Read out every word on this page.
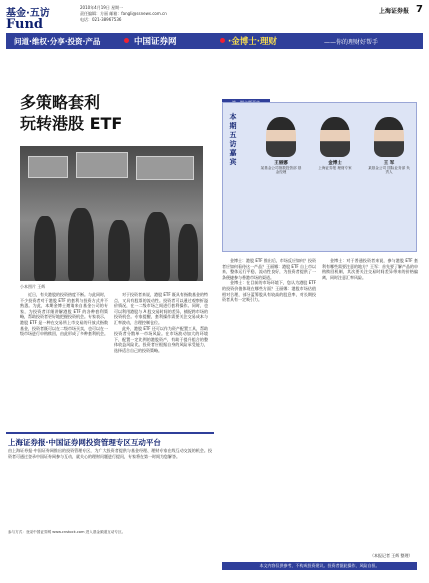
基金·五访
Fund
2010年4月19日 星期一
责任编辑：方丽 邮箱：fangli@ssnews.com.cn
电话：021-38967536
上海证券报 7
问道·维权·分享·投资·产品	中国证券网	·金博士·理财	——你的理财好帮手
多策略套利
玩转港股 ETF
小本图片 王辉

近日，有关港股的投资热度不断。与此同时，不少投资者对于港股 ETF 的套利与投资方式并不熟悉。为此，本期金博士邀请来自基金公司的专家，为投资者详细讲解港股 ETF 的各种套利策略，帮助投资者更好地把握投资机会。专家表示，港股 ETF 是一种在交易所上市交易的开放式指数基金，投资者既可以在二级市场买卖，也可以在一级市场进行申购赎回，由此形成了多种套利机会。

对于投资者来说，港股 ETF 既具有指数基金的特点，又具有股票的流动性。投资者可以通过观察折溢价情况，在一二级市场之间进行套利操作。同时，也可以利用港股与 A 股交易时间的差异，捕捉跨市场的投资机会。专家提醒，套利操作需要关注交易成本与汇率波动，合理控制仓位。

此外，港股 ETF 还可以作为资产配置工具，帮助投资者分散单一市场风险。在市场波动加大的环境下，配置一定比例的港股资产，有助于提升组合的整体收益风险比。投资者应根据自身的风险承受能力，选择适合自己的投资策略。

本期五访嘉宾	王丽娜
某基金公司指数投资部 基金经理
金博士
上海证券报 理财专家
王 军
某基金公司 国际业务部 负责人

金博士：港股 ETF 推出后，市场反应如何？投资者应如何看待这一产品？王丽娜：港股 ETF 自上市以来，整体运行平稳，流动性良好，为投资者提供了一条便捷参与香港市场的渠道。

金博士：在目前的市场环境下，您认为港股 ETF 的投资价值体现在哪些方面？王丽娜：港股市场估值相对合理，部分蓝筹股具有较高的股息率，对长期投资者具有一定吸引力。

金博士：对于普通投资者来说，参与港股 ETF 套利有哪些需要注意的地方？王军：首先要了解产品的申购赎回机制，其次要关注交易时间差异带来的价格偏离，同时注意汇率风险。

（本报记者 王辉 整理）
上海证券报·中国证券网投资管理专区互动平台
由上海证券报·中国证券网推出的投资管理专区，为广大投资者提供与基金经理、理财专家在线互动交流的机会。投资者可通过登录中国证券网参与互动，就关心的理财问题进行提问，专家将在第一时间为您解答。
参与方式：登录中国证券网 www.cnstock.com 进入基金频道互动专区。
本文内容仅供参考，不构成投资建议。投资者据此操作，风险自担。
